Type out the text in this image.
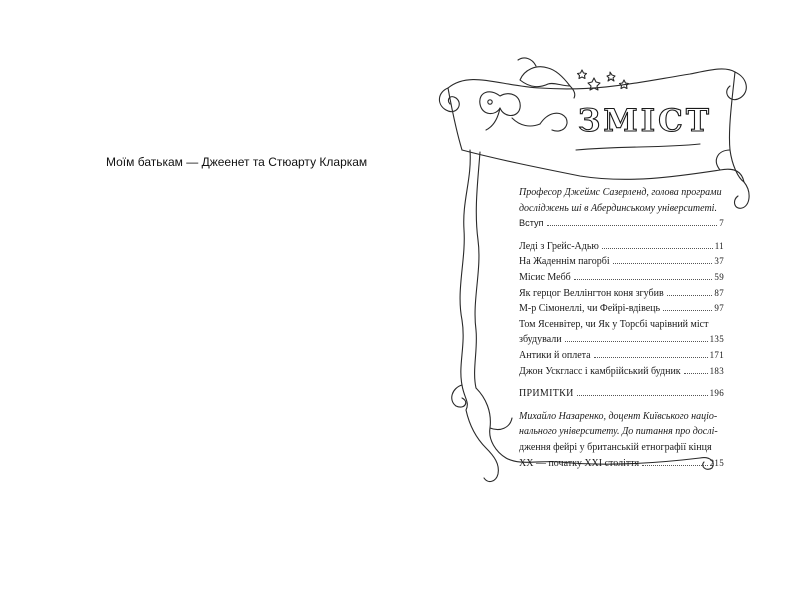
Моїм батькам — Джеенет та Стюарту Кларкам
ЗМІСТ
Професор Джеймс Сазерленд, голова програми
досліджень ші в Абердинському університеті.
Вступ	7
Леді з Грейс-Адью	11
На Жаденнім пагорбі	37
Мiсис Мебб	59
Як герцог Веллінгтон коня згубив	87
М-р Сімонеллі, чи Фейрі-вдівець	97
Том Ясенвітер, чи Як у Торсбі чарівний міст
збудували	135
Антики й оплета	171
Джон Ускгласс і камбрійський будник	183
ПРИМІТКИ	196
Михайло Назаренко, доцент Київського націо-
нального університету. До питання про дослі-
дження фейрі у британській етнографії кінця
ХХ — початку ХХІ століття	215
